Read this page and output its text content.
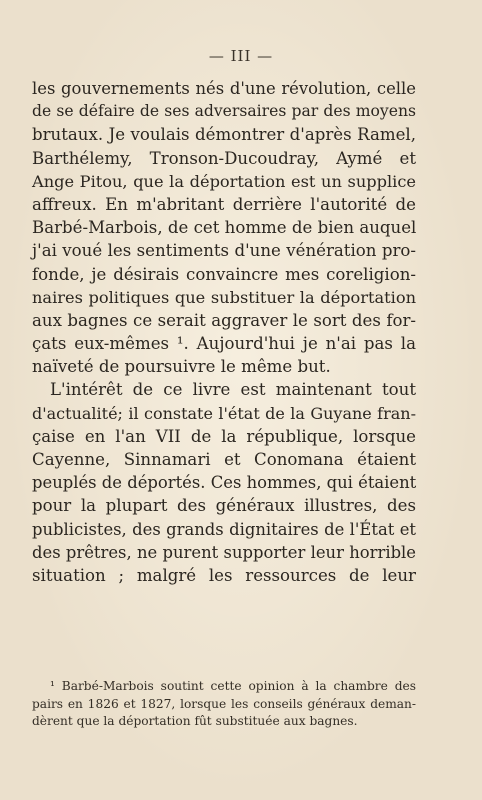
— III —
les gouvernements nés d'une révolution, celle
de se défaire de ses adversaires par des moyens
brutaux. Je voulais démontrer d'après Ramel,
Barthélemy, Tronson-Ducoudray, Aymé et
Ange Pitou, que la déportation est un supplice
affreux. En m'abritant derrière l'autorité de
Barbé-Marbois, de cet homme de bien auquel
j'ai voué les sentiments d'une vénération pro-
fonde, je désirais convaincre mes coreligion-
naires politiques que substituer la déportation
aux bagnes ce serait aggraver le sort des for-
çats eux-mêmes ¹. Aujourd'hui je n'ai pas la
naïveté de poursuivre le même but.
L'intérêt de ce livre est maintenant tout
d'actualité; il constate l'état de la Guyane fran-
çaise en l'an VII de la république, lorsque
Cayenne, Sinnamari et Conomana étaient
peuplés de déportés. Ces hommes, qui étaient
pour la plupart des généraux illustres, des
publicistes, des grands dignitaires de l'État et
des prêtres, ne purent supporter leur horrible
situation ; malgré les ressources de leur
¹ Barbé-Marbois soutint cette opinion à la chambre des
pairs en 1826 et 1827, lorsque les conseils généraux deman-
dèrent que la déportation fût substituée aux bagnes.
